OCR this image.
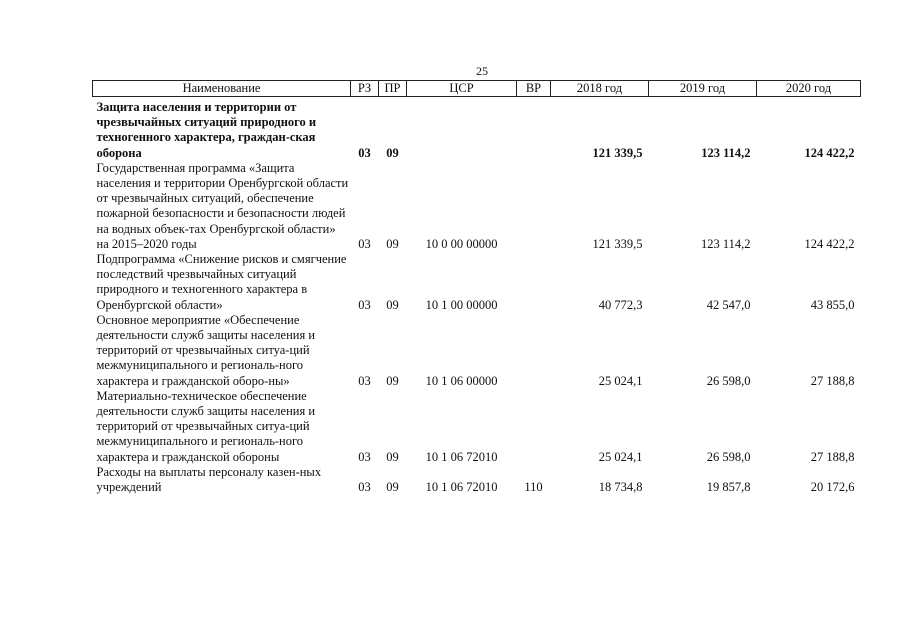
25
Наименование	РЗ	ПР	ЦСР	ВР	2018 год	2019 год	2020 год
Защита населения и территории от чрезвычайных ситуаций природного и техногенного характера, граждан-ская оборона	03	09			121 339,5	123 114,2	124 422,2
Государственная программа «Защита населения и территории Оренбургской области от чрезвычайных ситуаций, обеспечение пожарной безопасности и безопасности людей на водных объек-тах Оренбургской области» на 2015–2020 годы	03	09	10 0 00 00000		121 339,5	123 114,2	124 422,2
Подпрограмма «Снижение рисков и смягчение последствий чрезвычайных ситуаций природного и техногенного характера в Оренбургской области»	03	09	10 1 00 00000		40 772,3	42 547,0	43 855,0
Основное мероприятие «Обеспечение деятельности служб защиты населения и территорий от чрезвычайных ситуа-ций межмуниципального и региональ-ного характера и гражданской оборо-ны»	03	09	10 1 06 00000		25 024,1	26 598,0	27 188,8
Материально-техническое обеспечение деятельности служб защиты населения и территорий от чрезвычайных ситуа-ций межмуниципального и региональ-ного характера и гражданской обороны	03	09	10 1 06 72010		25 024,1	26 598,0	27 188,8
Расходы на выплаты персоналу казен-ных учреждений	03	09	10 1 06 72010	110	18 734,8	19 857,8	20 172,6
